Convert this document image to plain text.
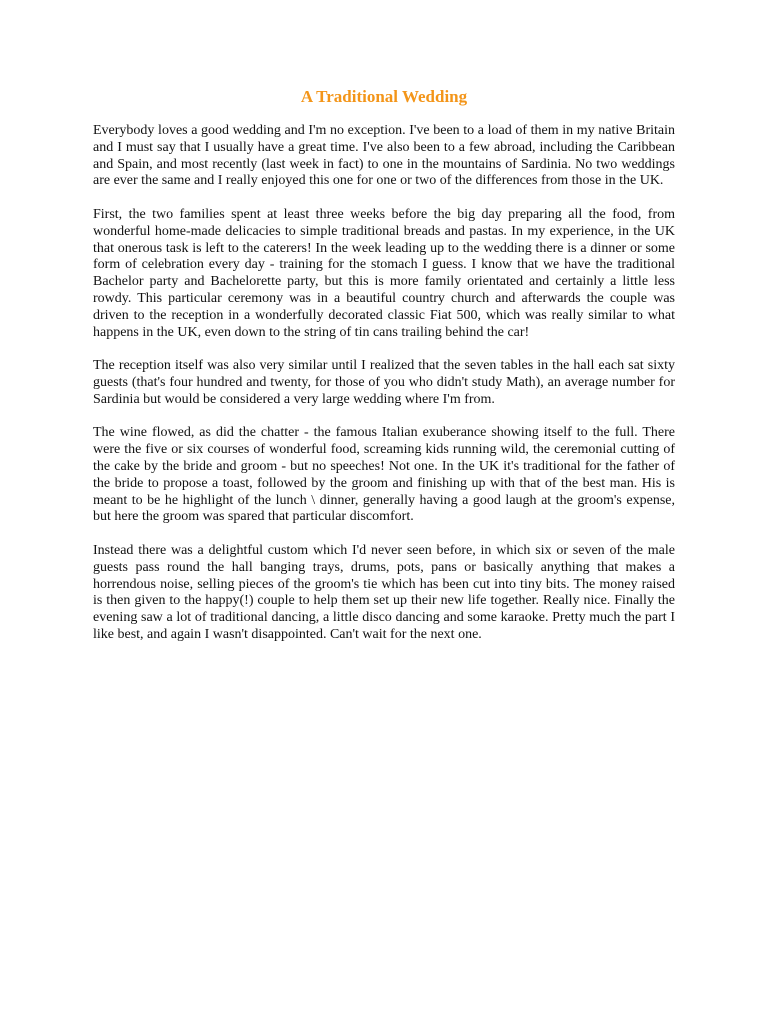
A Traditional Wedding

Everybody loves a good wedding and I'm no exception. I've been to a load of them in my native Britain and I must say that I usually have a great time. I've also been to a few abroad, including the Caribbean and Spain, and most recently (last week in fact) to one in the mountains of Sardinia. No two weddings are ever the same and I really enjoyed this one for one or two of the differences from those in the UK.

First, the two families spent at least three weeks before the big day preparing all the food, from wonderful home-made delicacies to simple traditional breads and pastas. In my experience, in the UK that onerous task is left to the caterers! In the week leading up to the wedding there is a dinner or some form of celebration every day - training for the stomach I guess. I know that we have the traditional Bachelor party and Bachelorette party, but this is more family orientated and certainly a little less rowdy. This particular ceremony was in a beautiful country church and afterwards the couple was driven to the reception in a wonderfully decorated classic Fiat 500, which was really similar to what happens in the UK, even down to the string of tin cans trailing behind the car!

The reception itself was also very similar until I realized that the seven tables in the hall each sat sixty guests (that's four hundred and twenty, for those of you who didn't study Math), an average number for Sardinia but would be considered a very large wedding where I'm from.

The wine flowed, as did the chatter - the famous Italian exuberance showing itself to the full. There were the five or six courses of wonderful food, screaming kids running wild, the ceremonial cutting of the cake by the bride and groom - but no speeches! Not one. In the UK it's traditional for the father of the bride to propose a toast, followed by the groom and finishing up with that of the best man. His is meant to be he highlight of the lunch \ dinner, generally having a good laugh at the groom's expense, but here the groom was spared that particular discomfort.

Instead there was a delightful custom which I'd never seen before, in which six or seven of the male guests pass round the hall banging trays, drums, pots, pans or basically anything that makes a horrendous noise, selling pieces of the groom's tie which has been cut into tiny bits. The money raised is then given to the happy(!) couple to help them set up their new life together. Really nice. Finally the evening saw a lot of traditional dancing, a little disco dancing and some karaoke. Pretty much the part I like best, and again I wasn't disappointed. Can't wait for the next one.
